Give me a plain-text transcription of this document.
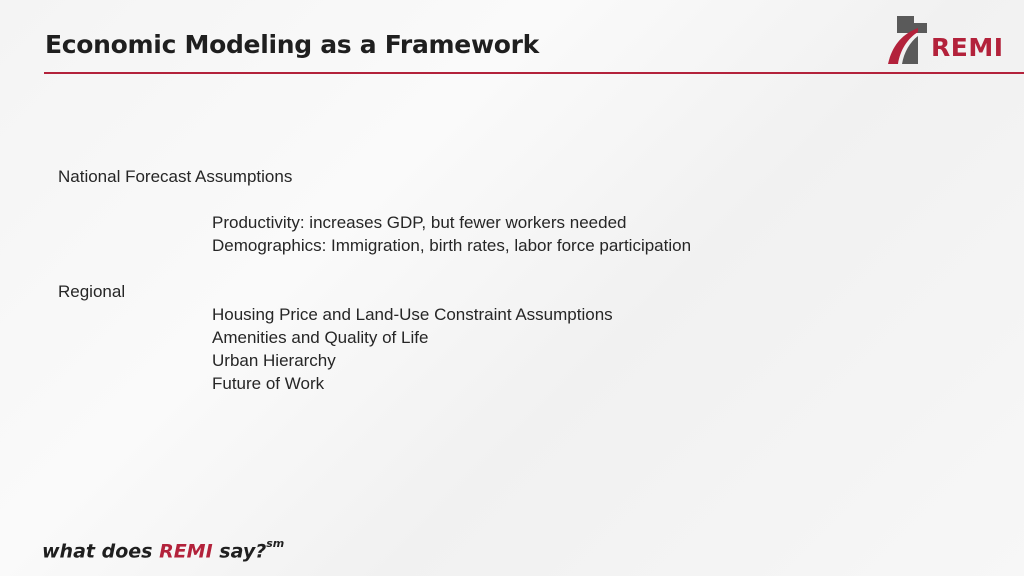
Economic Modeling as a Framework	REMI
National Forecast Assumptions
Productivity: increases GDP, but fewer workers needed
Demographics: Immigration, birth rates, labor force participation
Regional
Housing Price and Land-Use Constraint Assumptions
Amenities and Quality of Life
Urban Hierarchy
Future of Work
what does REMI say?$^{sm}$
